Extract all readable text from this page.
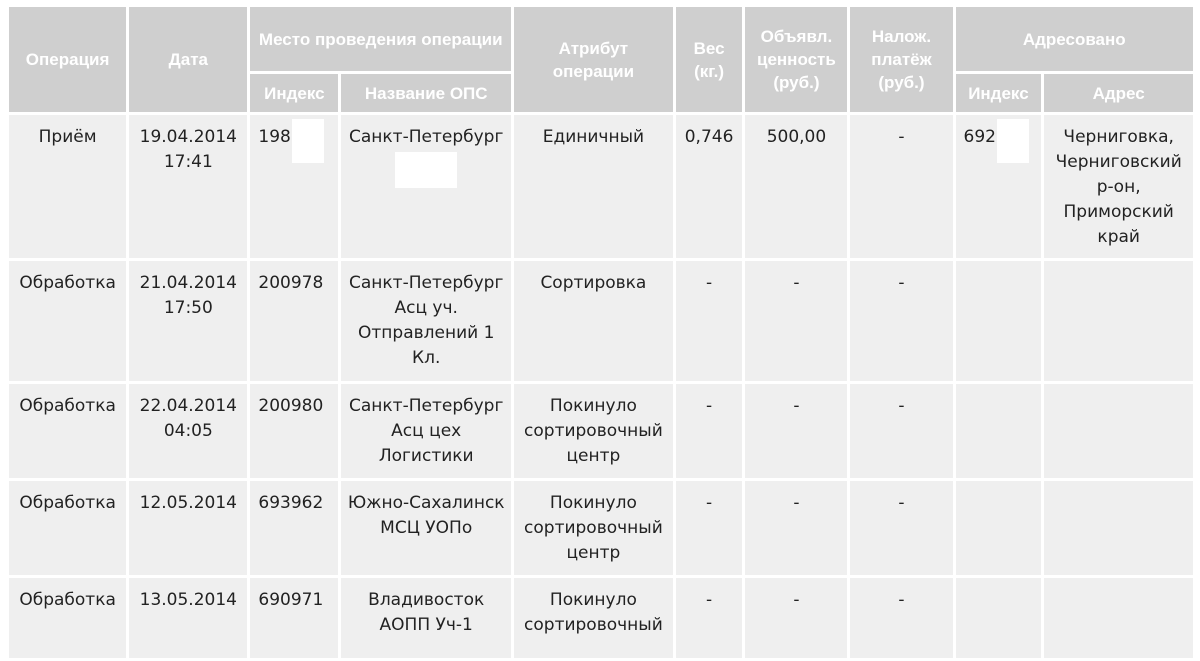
Операция	Дата	Место проведения операции		Атрибут операции	Вес (кг.)	Объявл. ценность (руб.)	Налож. платёж (руб.)	Адресовано	
		Индекс	Название ОПС					Индекс	Адрес
Приём	19.04.2014 17:41	198	Санкт-Петербург	Единичный	0,746	500,00	-	692	Черниговка, Черниговский р-он, Приморский край
Обработка	21.04.2014 17:50	200978	Санкт-Петербург Асц уч. Отправлений 1 Кл.	Сортировка	-	-	-		
Обработка	22.04.2014 04:05	200980	Санкт-Петербург Асц цех Логистики	Покинуло сортировочный центр	-	-	-		
Обработка	12.05.2014	693962	Южно-Сахалинск МСЦ УОПо	Покинуло сортировочный центр	-	-	-		
Обработка	13.05.2014	690971	Владивосток АОПП Уч-1	Покинуло сортировочный	-	-	-		
